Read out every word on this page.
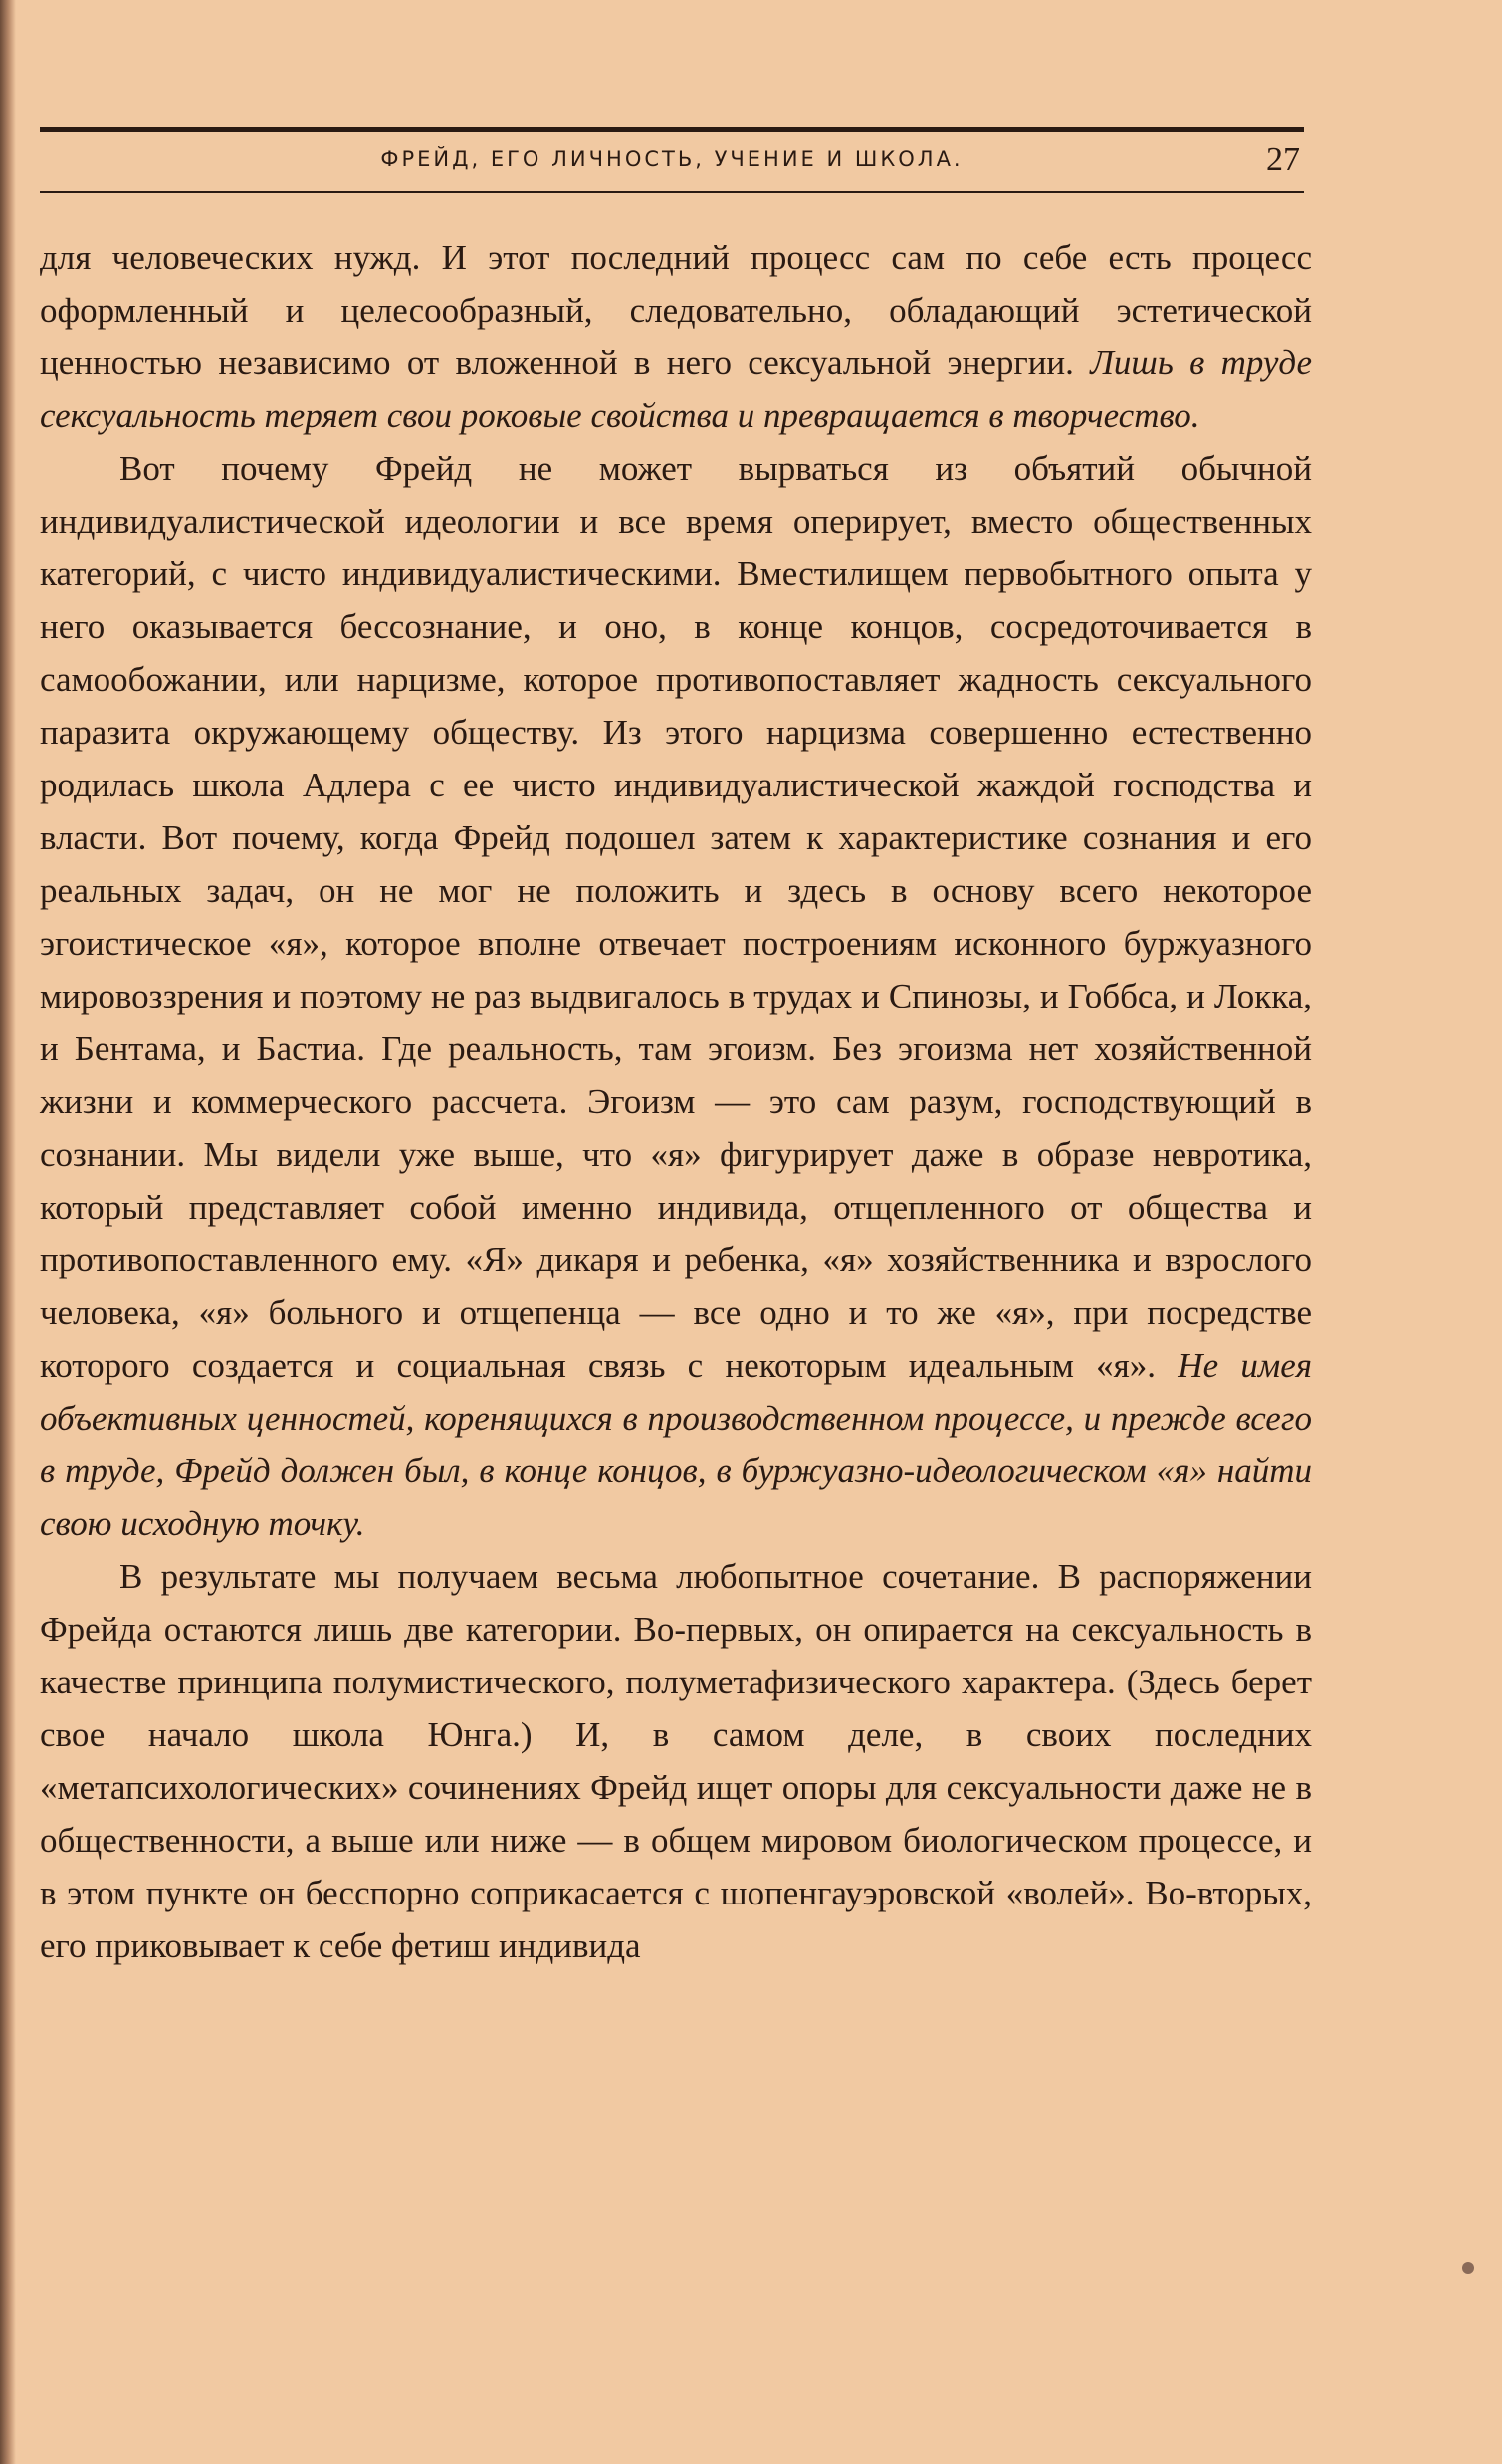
ФРЕЙД, ЕГО ЛИЧНОСТЬ, УЧЕНИЕ И ШКОЛА.	27

для человеческих нужд. И этот последний процесс сам по себе есть процесс оформленный и целесообразный, следовательно, обладающий эстетической ценностью независимо от вложенной в него сексуальной энергии. Лишь в труде сексуальность теряет свои роковые свойства и превращается в творчество.

Вот почему Фрейд не может вырваться из объятий обычной индивидуалистической идеологии и все время оперирует, вместо общественных категорий, с чисто индивидуалистическими. Вместилищем первобытного опыта у него оказывается бессознание, и оно, в конце концов, сосредоточивается в самообожании, или нарцизме, которое противопоставляет жадность сексуального паразита окружающему обществу. Из этого нарцизма совершенно естественно родилась школа Адлера с ее чисто индивидуалистической жаждой господства и власти. Вот почему, когда Фрейд подошел затем к характеристике сознания и его реальных задач, он не мог не положить и здесь в основу всего некоторое эгоистическое «я», которое вполне отвечает построениям исконного буржуазного мировоззрения и поэтому не раз выдвигалось в трудах и Спинозы, и Гоббса, и Локка, и Бентама, и Бастиа. Где реальность, там эгоизм. Без эгоизма нет хозяйственной жизни и коммерческого рассчета. Эгоизм — это сам разум, господствующий в сознании. Мы видели уже выше, что «я» фигурирует даже в образе невротика, который представляет собой именно индивида, отщепленного от общества и противопоставленного ему. «Я» дикаря и ребенка, «я» хозяйственника и взрослого человека, «я» больного и отщепенца — все одно и то же «я», при посредстве которого создается и социальная связь с некоторым идеальным «я». Не имея объективных ценностей, коренящихся в производственном процессе, и прежде всего в труде, Фрейд должен был, в конце концов, в буржуазно-идеологическом «я» найти свою исходную точку.

В результате мы получаем весьма любопытное сочетание. В распоряжении Фрейда остаются лишь две категории. Во-первых, он опирается на сексуальность в качестве принципа полумистического, полуметафизического характера. (Здесь берет свое начало школа Юнга.) И, в самом деле, в своих последних «метапсихологических» сочинениях Фрейд ищет опоры для сексуальности даже не в общественности, а выше или ниже — в общем мировом биологическом процессе, и в этом пункте он бесспорно соприкасается с шопенгауэровской «волей». Во-вторых, его приковывает к себе фетиш индивида
